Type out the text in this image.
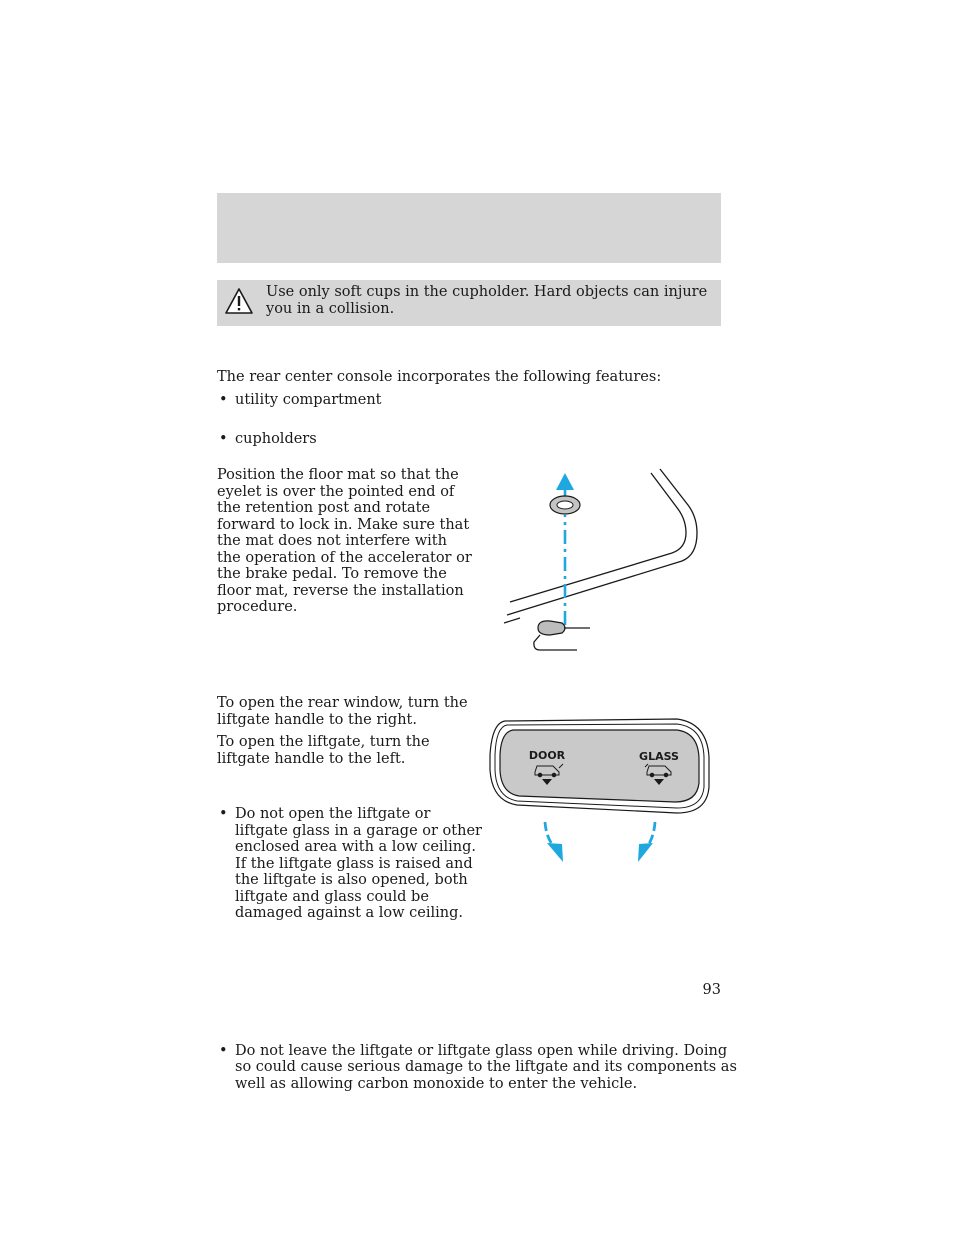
Use only soft cups in the cupholder. Hard objects can injure you in a collision.
The rear center console incorporates the following features:
• utility compartment
• cupholders
Position the floor mat so that the eyelet is over the pointed end of the retention post and rotate forward to lock in. Make sure that the mat does not interfere with the operation of the accelerator or the brake pedal. To remove the floor mat, reverse the installation procedure.
To open the rear window, turn the liftgate handle to the right.
To open the liftgate, turn the liftgate handle to the left.
• Do not open the liftgate or liftgate glass in a garage or other enclosed area with a low ceiling. If the liftgate glass is raised and the liftgate is also opened, both liftgate and glass could be damaged against a low ceiling.
• Do not leave the liftgate or liftgate glass open while driving. Doing so could cause serious damage to the liftgate and its components as well as allowing carbon monoxide to enter the vehicle.
DOOR	GLASS
93
